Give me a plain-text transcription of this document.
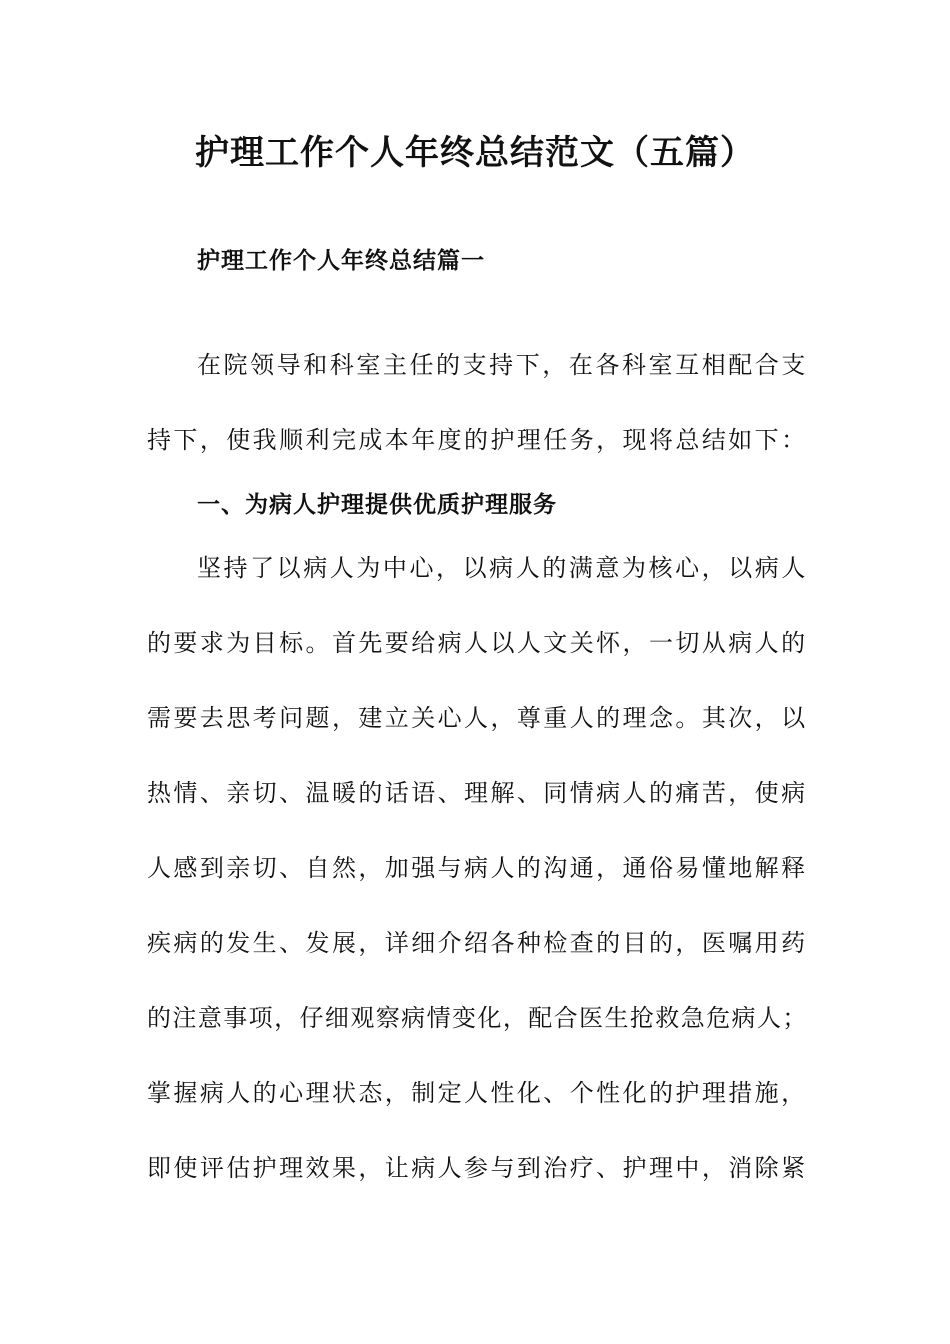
护理工作个人年终总结范文（五篇）
护理工作个人年终总结篇一
在院领导和科室主任的支持下，在各科室互相配合支
持下，使我顺利完成本年度的护理任务，现将总结如下：
一、为病人护理提供优质护理服务
坚持了以病人为中心，以病人的满意为核心，以病人
的要求为目标。首先要给病人以人文关怀，一切从病人的
需要去思考问题，建立关心人，尊重人的理念。其次，以
热情、亲切、温暖的话语、理解、同情病人的痛苦，使病
人感到亲切、自然，加强与病人的沟通，通俗易懂地解释
疾病的发生、发展，详细介绍各种检查的目的，医嘱用药
的注意事项，仔细观察病情变化，配合医生抢救急危病人；
掌握病人的心理状态，制定人性化、个性化的护理措施，
即使评估护理效果，让病人参与到治疗、护理中，消除紧
